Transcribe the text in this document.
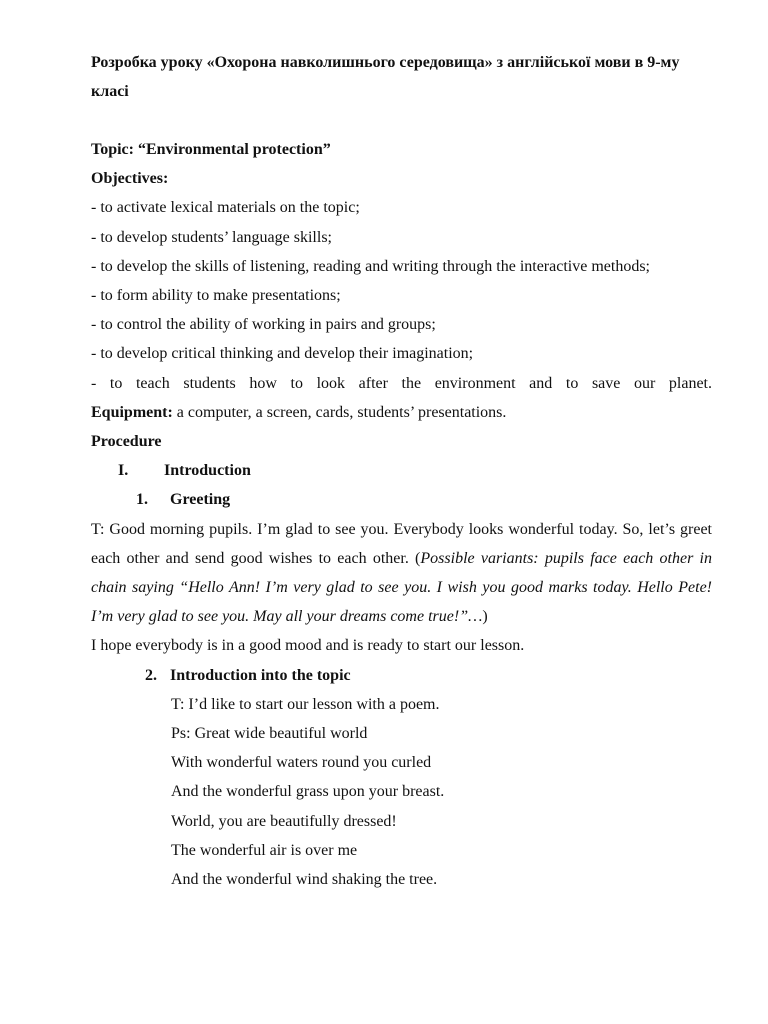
Розробка уроку «Охорона навколишнього середовища» з англійської мови в 9-му класі
Topic: “Environmental protection”
Objectives:
- to activate lexical materials on the topic;
- to develop students’ language skills;
- to develop the skills of listening, reading and writing through the interactive methods;
- to form ability to make presentations;
- to control the ability of working in pairs and groups;
- to develop critical thinking and develop their imagination;
- to teach students how to look after the environment and to save our planet.
Equipment: a computer, a screen, cards, students’ presentations.
Procedure
I. Introduction
1. Greeting
T: Good morning pupils. I’m glad to see you. Everybody looks wonderful today. So, let’s greet each other and send good wishes to each other. (Possible variants: pupils face each other in chain saying “Hello Ann! I’m very glad to see you. I wish you good marks today. Hello Pete! I’m very glad to see you. May all your dreams come true!”…)
I hope everybody is in a good mood and is ready to start our lesson.
2. Introduction into the topic
T: I’d like to start our lesson with a poem.
Ps: Great wide beautiful world
With wonderful waters round you curled
And the wonderful grass upon your breast.
World, you are beautifully dressed!
The wonderful air is over me
And the wonderful wind shaking the tree.
